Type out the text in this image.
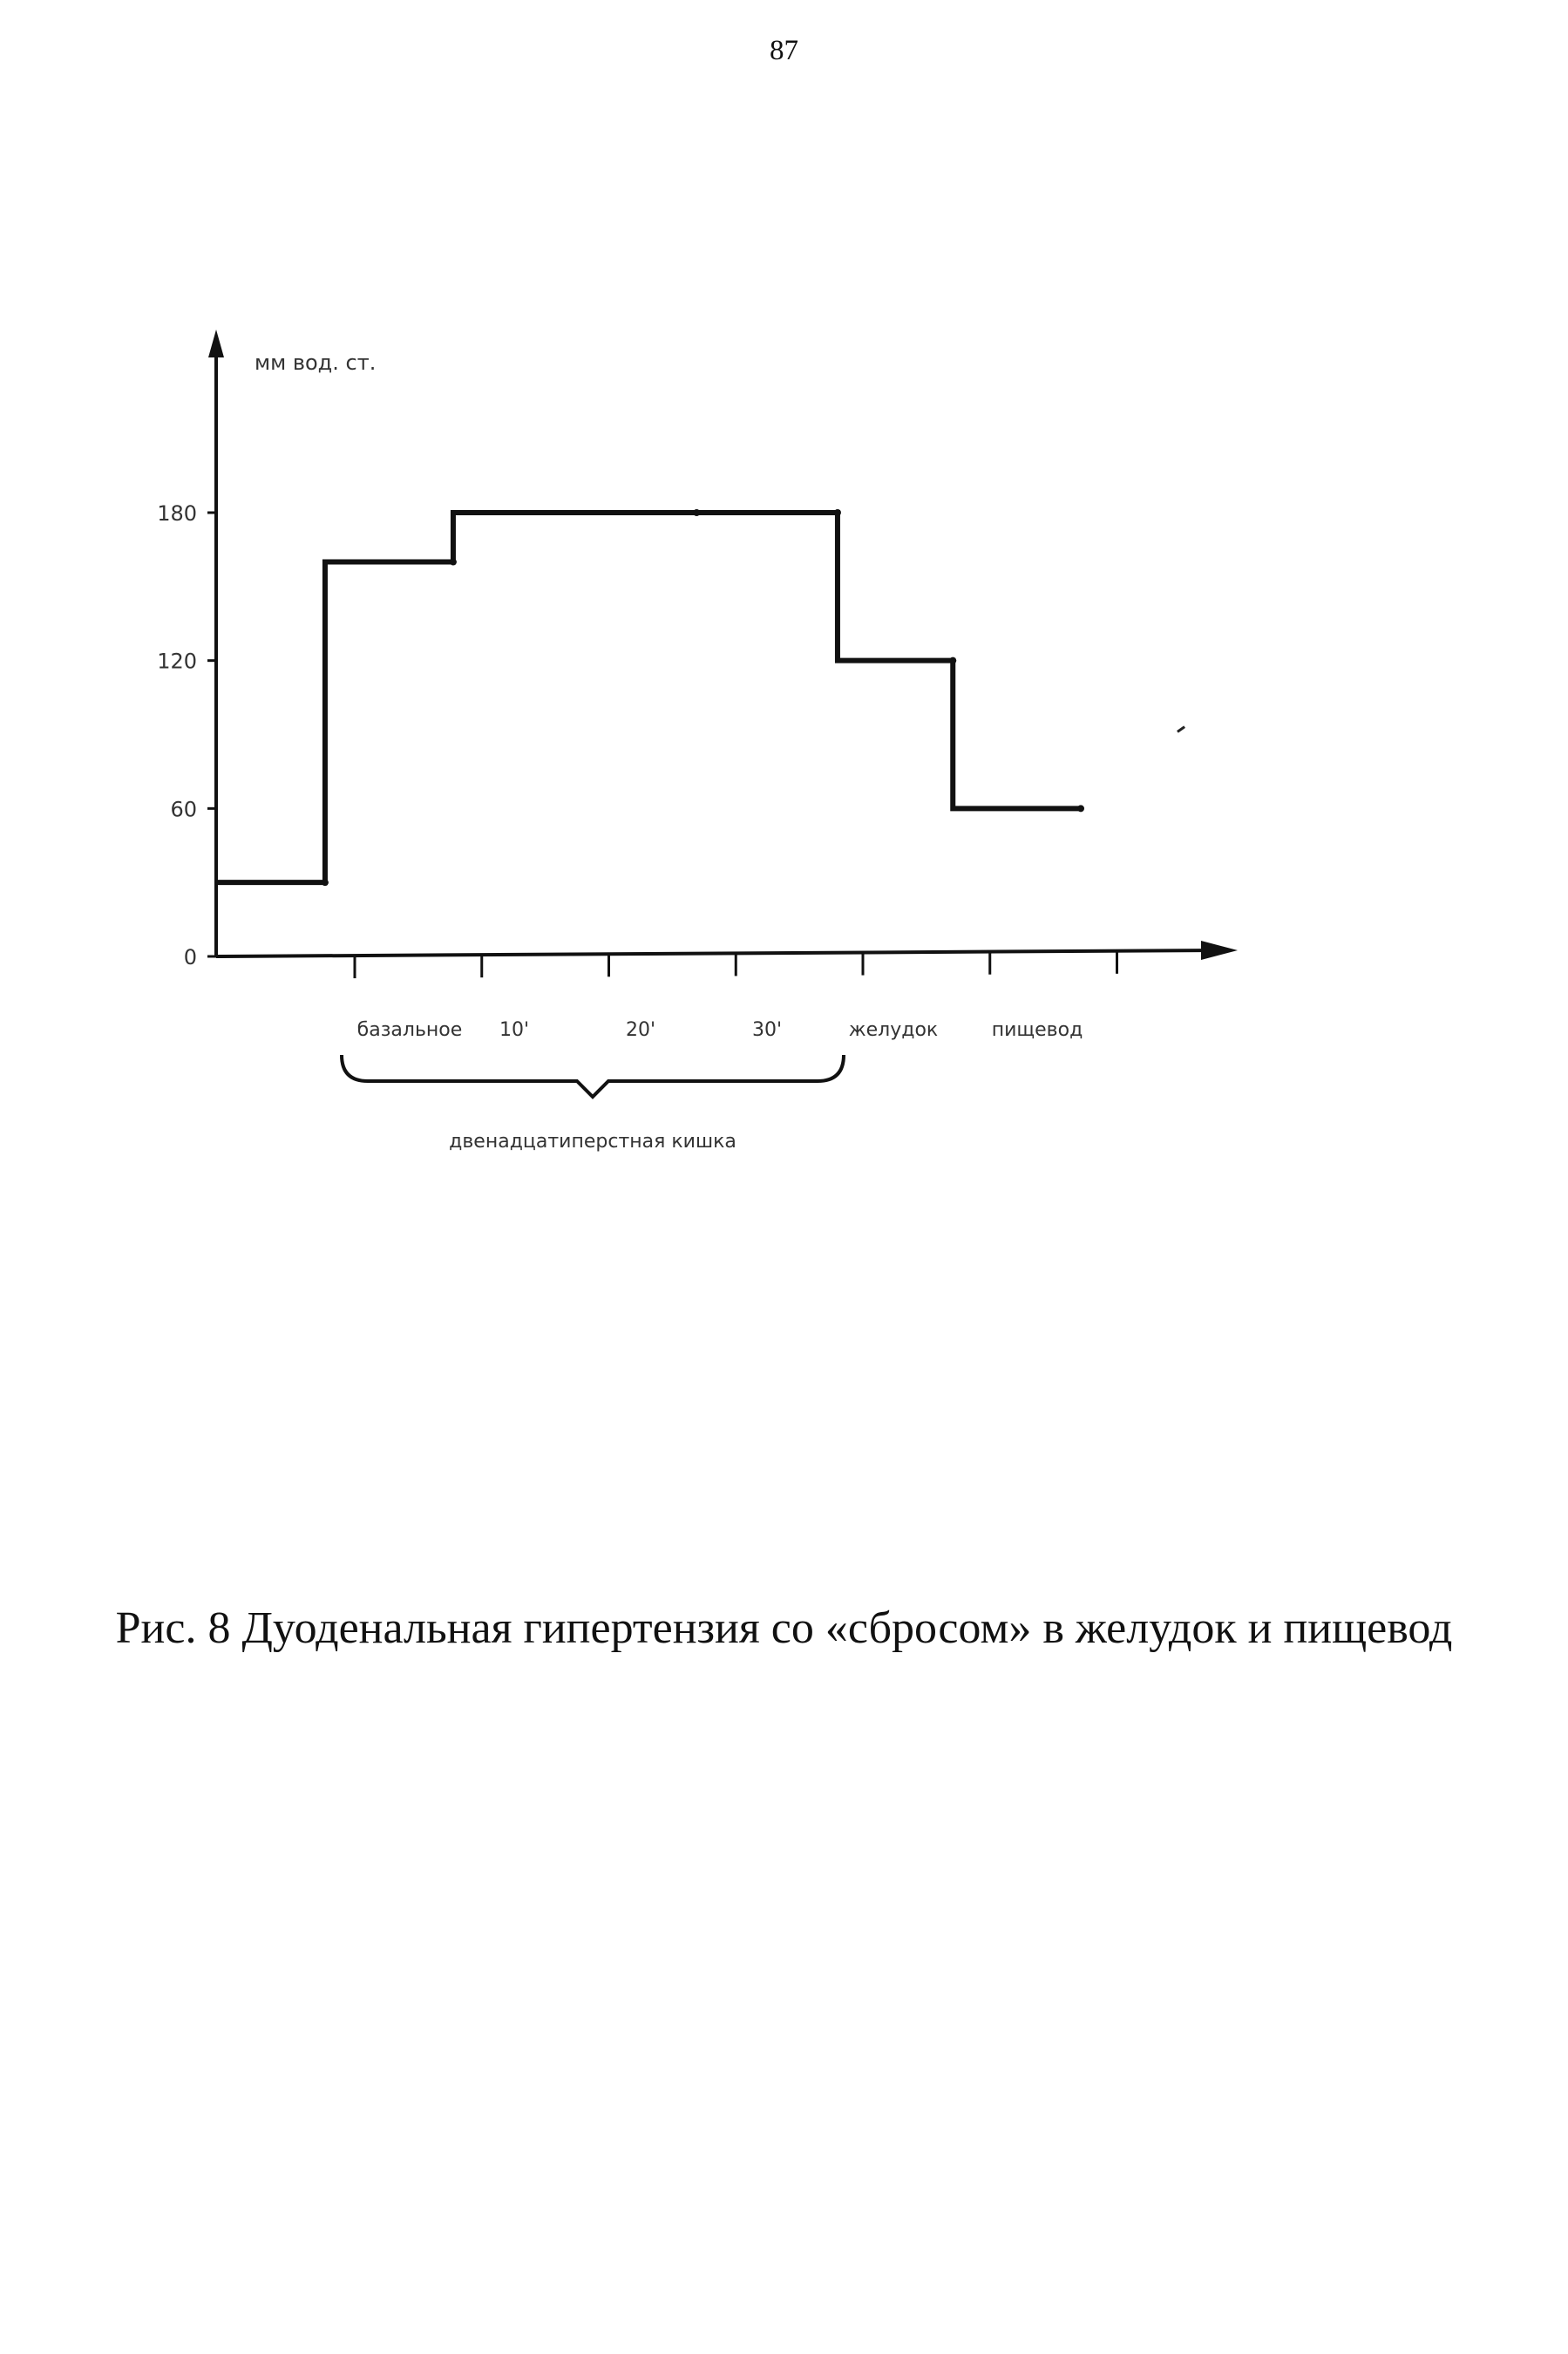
87
0
60
120
180
базальное 10'	20'	30'	желудок	пищевод
мм вод. ст.
двенадцатиперстная кишка
Рис. 8 Дуоденальная гипертензия со «сбросом» в желудок и пищевод
